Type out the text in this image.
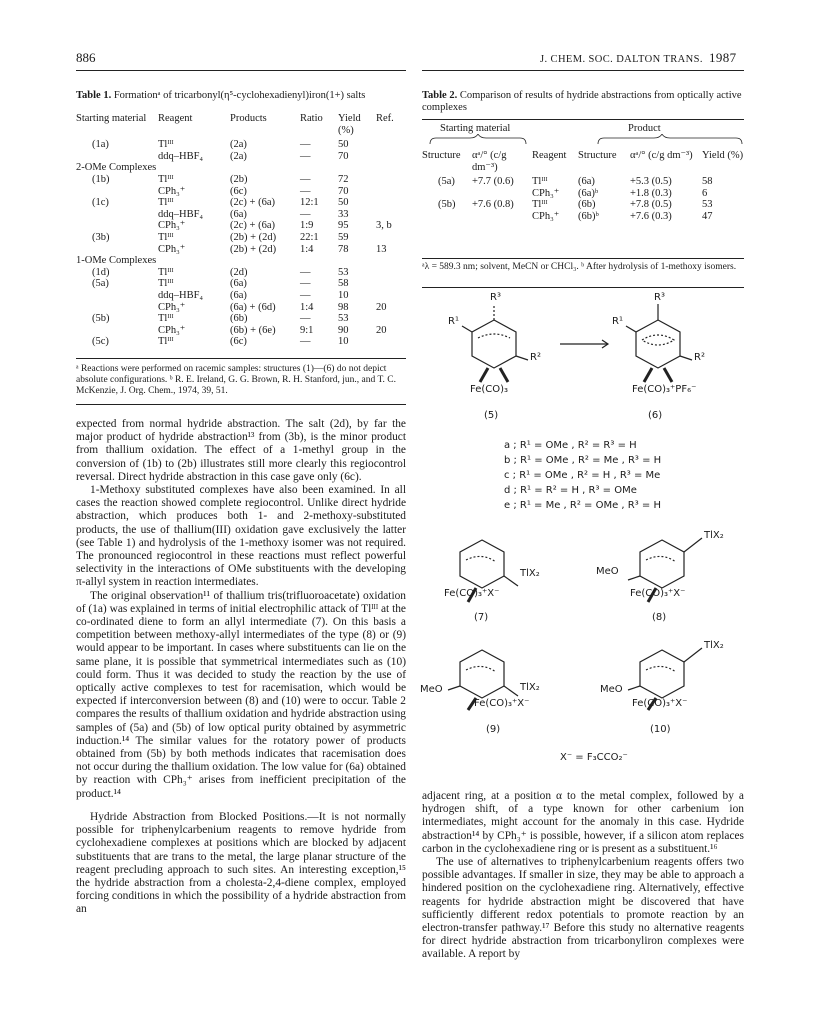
886	J. CHEM. SOC. DALTON TRANS. 1987
Table 1. Formationᵃ of tricarbonyl(η⁵-cyclohexadienyl)iron(1+) salts
Starting material	Reagent	Products	Ratio	Yield (%)	Ref.
(1a)	Tlᴵᴵᴵ	(2a)	—	50	
	ddq–HBF₄	(2a)	—	70	
2-OMe Complexes					
(1b)	Tlᴵᴵᴵ	(2b)	—	72	
	CPh₃⁺	(6c)	—	70	
(1c)	Tlᴵᴵᴵ	(2c) + (6a)	12:1	50	
	ddq–HBF₄	(6a)	—	33	
	CPh₃⁺	(2c) + (6a)	1:9	95	3, b
(3b)	Tlᴵᴵᴵ	(2b) + (2d)	22:1	59	
	CPh₃⁺	(2b) + (2d)	1:4	78	13
1-OMe Complexes					
(1d)	Tlᴵᴵᴵ	(2d)	—	53	
(5a)	Tlᴵᴵᴵ	(6a)	—	58	
	ddq–HBF₄	(6a)	—	10	
	CPh₃⁺	(6a) + (6d)	1:4	98	20
(5b)	Tlᴵᴵᴵ	(6b)	—	53	
	CPh₃⁺	(6b) + (6e)	9:1	90	20
(5c)	Tlᴵᴵᴵ	(6c)	—	10	
ᵃ Reactions were performed on racemic samples: structures (1)—(6) do not depict absolute configurations. ᵇ R. E. Ireland, G. G. Brown, R. H. Stanford, jun., and T. C. McKenzie, J. Org. Chem., 1974, 39, 51.
Table 2. Comparison of results of hydride abstractions from optically active complexes
Starting material	Product
Structure	αᵃ/° (c/g dm⁻³)	Reagent	Structure	αᵃ/° (c/g dm⁻³)	Yield (%)
(5a)	+7.7 (0.6)	Tlᴵᴵᴵ	(6a)	+5.3 (0.5)	58
		CPh₃⁺	(6a)ᵇ	+1.8 (0.3)	6
(5b)	+7.6 (0.8)	Tlᴵᴵᴵ	(6b)	+7.8 (0.5)	53
		CPh₃⁺	(6b)ᵇ	+7.6 (0.3)	47
ᵃλ = 589.3 nm; solvent, MeCN or CHCl₃. ᵇ After hydrolysis of 1-methoxy isomers.
R³
R¹
R²
Fe(CO)₃
(5)
R³
R¹
R²
Fe(CO)₃⁺PF₆⁻
(6)
a ; R¹ = OMe , R² = R³ = H
b ; R¹ = OMe , R² = Me , R³ = H
c ; R¹ = OMe , R² = H , R³ = Me
d ; R¹ = R² = H , R³ = OMe
e ; R¹ = Me , R² = OMe , R³ = H
TlX₂
Fe(CO)₃⁺X⁻
(7)
TlX₂
MeO
Fe(CO)₃⁺X⁻
(8)
TlX₂
MeO
Fe(CO)₃⁺X⁻
(9)
TlX₂
MeO
Fe(CO)₃⁺X⁻
(10)
X⁻ = F₃CCO₂⁻

expected from normal hydride abstraction. The salt (2d), by far the major product of hydride abstraction¹³ from (3b), is the minor product from thallium oxidation. The effect of a 1-methyl group in the conversion of (1b) to (2b) illustrates still more clearly this regiocontrol reversal. Direct hydride abstraction in this case gave only (6c).

1-Methoxy substituted complexes have also been examined. In all cases the reaction showed complete regiocontrol. Unlike direct hydride abstraction, which produces both 1- and 2-methoxy-substituted products, the use of thallium(III) oxidation gave exclusively the latter (see Table 1) and hydrolysis of the 1-methoxy isomer was not required. The pronounced regiocontrol in these reactions must reflect powerful selectivity in the interactions of OMe substituents with the developing π-allyl system in reaction intermediates.

The original observation¹¹ of thallium tris(trifluoroacetate) oxidation of (1a) was explained in terms of initial electrophilic attack of Tlᴵᴵᴵ at the co-ordinated diene to form an allyl intermediate (7). On this basis a competition between methoxy-allyl intermediates of the type (8) or (9) would appear to be important. In cases where substituents can lie on the same plane, it is possible that symmetrical intermediates such as (10) could form. Thus it was decided to study the reaction by the use of optically active complexes to test for racemisation, which would be expected if interconversion between (8) and (10) were to occur. Table 2 compares the results of thallium oxidation and hydride abstraction using samples of (5a) and (5b) of low optical purity obtained by asymmetric induction.¹⁴ The similar values for the rotatory power of products obtained from (5b) by both methods indicates that racemisation does not occur during the thallium oxidation. The low value for (6a) obtained by reaction with CPh₃⁺ arises from inefficient precipitation of the product.¹⁴

Hydride Abstraction from Blocked Positions.—It is not normally possible for triphenylcarbenium reagents to remove hydride from cyclohexadiene complexes at positions which are blocked by adjacent substituents that are trans to the metal, the large planar structure of the reagent precluding approach to such sites. An interesting exception,¹⁵ the hydride abstraction from a cholesta-2,4-diene complex, employed forcing conditions in which the possibility of a hydride abstraction from an

adjacent ring, at a position α to the metal complex, followed by a hydrogen shift, of a type known for other carbenium ion intermediates, might account for the anomaly in this case. Hydride abstraction¹⁴ by CPh₃⁺ is possible, however, if a silicon atom replaces carbon in the cyclohexadiene ring or is present as a substituent.¹⁶

The use of alternatives to triphenylcarbenium reagents offers two possible advantages. If smaller in size, they may be able to approach a hindered position on the cyclohexadiene ring. Alternatively, effective reagents for hydride abstraction might be discovered that have sufficiently different redox potentials to promote reaction by an electron-transfer pathway.¹⁷ Before this study no alternative reagents for direct hydride abstraction from tricarbonyliron complexes were available. A report by
